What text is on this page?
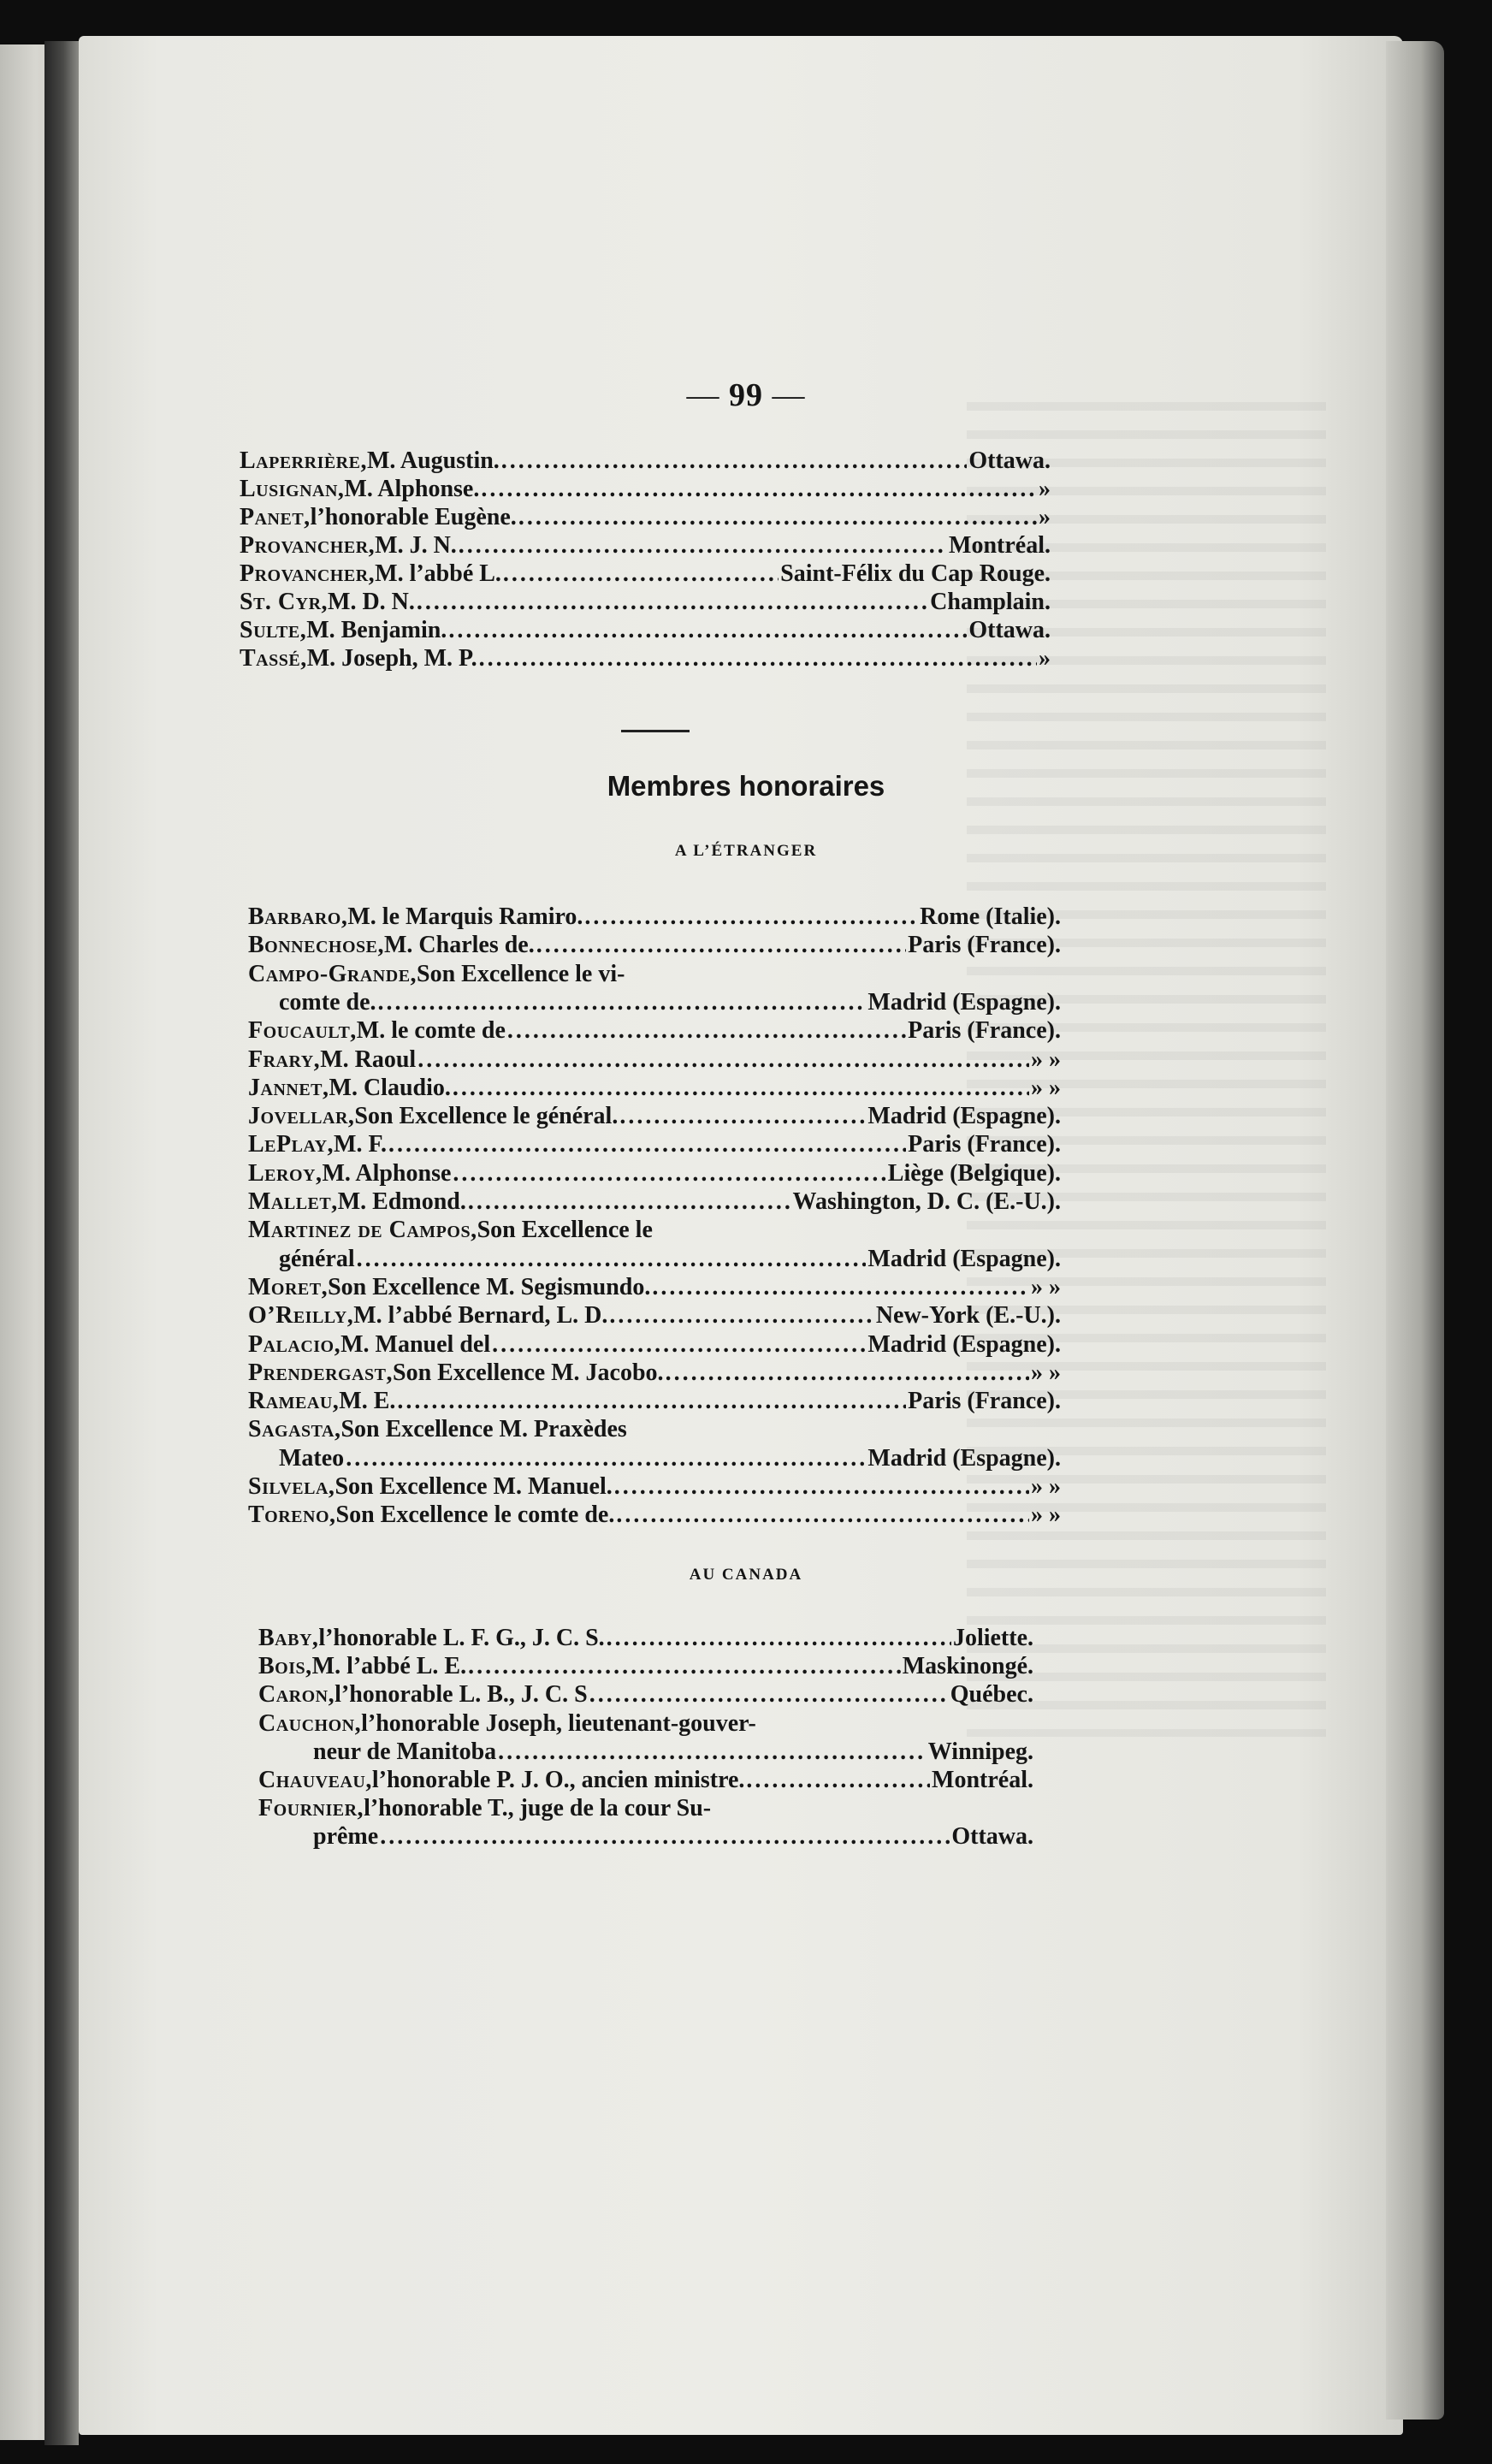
— 99 —
Laperrière, M. Augustin. .....	Ottawa.
Lusignan, M. Alphonse. .....	»
Panet, l’honorable Eugène. .....	»
Provancher, M. J. N. .....	Montréal.
Provancher, M. l’abbé L. .....	Saint-Félix du Cap Rouge.
St. Cyr, M. D. N. .....	Champlain.
Sulte, M. Benjamin. .....	Ottawa.
Tassé, M. Joseph, M. P. .....	»
Membres honoraires
A L’ÉTRANGER
Barbaro, M. le Marquis Ramiro. .....	Rome (Italie).
Bonnechose, M. Charles de. .....	Paris (France).
Campo-Grande, Son Excellence le vi-
comte de. .....	Madrid (Espagne).
Foucault, M. le comte de .....	Paris (France).
Frary, M. Raoul .....	» »
Jannet, M. Claudio. .....	» »
Jovellar, Son Excellence le général. .....	Madrid (Espagne).
LePlay, M. F. .....	Paris (France).
Leroy, M. Alphonse .....	Liège (Belgique).
Mallet, M. Edmond. .....	Washington, D. C. (E.-U.).
Martinez de Campos, Son Excellence le
général .....	Madrid (Espagne).
Moret, Son Excellence M. Segismundo. .....	» »
O’Reilly, M. l’abbé Bernard, L. D. .....	New-York (E.-U.).
Palacio, M. Manuel del .....	Madrid (Espagne).
Prendergast, Son Excellence M. Jacobo. .....	» »
Rameau, M. E. .....	Paris (France).
Sagasta, Son Excellence M. Praxèdes
Mateo .....	Madrid (Espagne).
Silvela, Son Excellence M. Manuel. .....	» »
Toreno, Son Excellence le comte de. .....	» »
AU CANADA
Baby, l’honorable L. F. G., J. C. S. .....	Joliette.
Bois, M. l’abbé L. E. .....	Maskinongé.
Caron, l’honorable L. B., J. C. S .....	Québec.
Cauchon, l’honorable Joseph, lieutenant-gouver-
neur de Manitoba .....	Winnipeg.
Chauveau, l’honorable P. J. O., ancien ministre. .....	Montréal.
Fournier, l’honorable T., juge de la cour Su-
prême .....	Ottawa.
